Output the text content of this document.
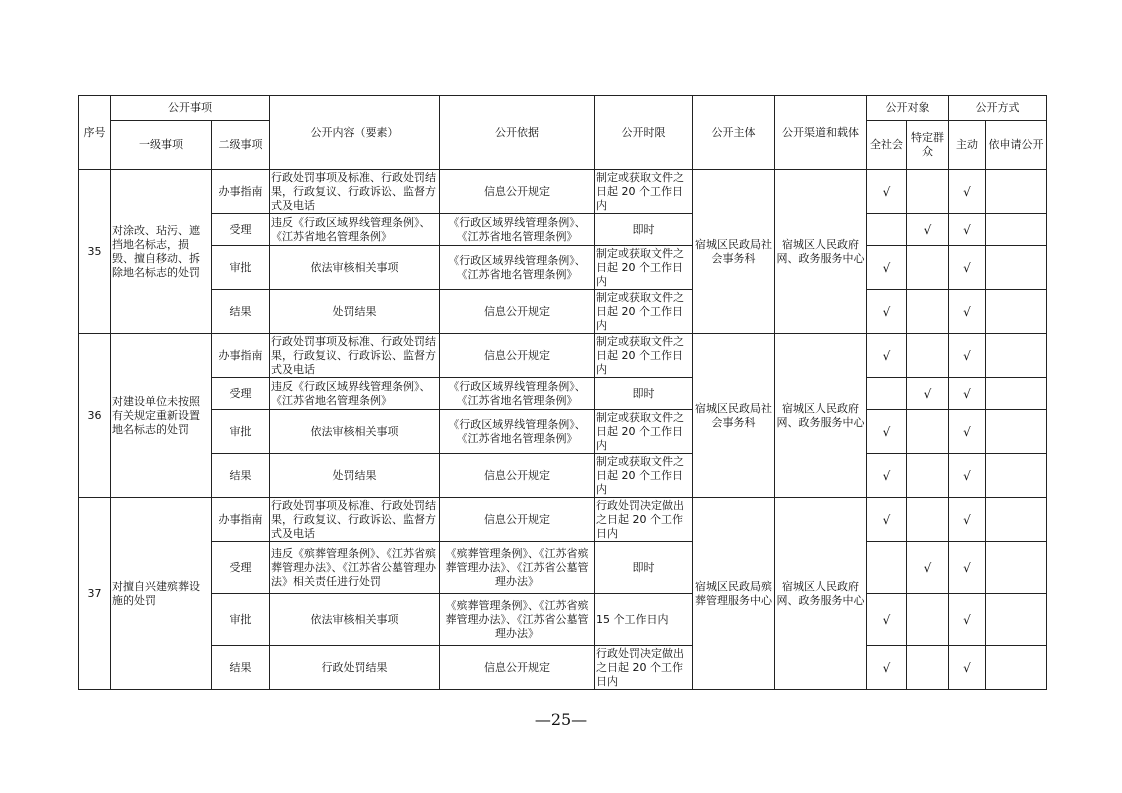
序号	公开事项		公开内容（要素）	公开依据	公开时限	公开主体	公开渠道和载体	公开对象		公开方式	
	一级事项	二级事项						全社会	特定群众	主动	依申请公开
35	对涂改、玷污、遮挡地名标志，损毁、擅自移动、拆除地名标志的处罚	办事指南	行政处罚事项及标准、行政处罚结果，行政复议、行政诉讼、监督方式及电话	信息公开规定	制定或获取文件之日起 20 个工作日内	宿城区民政局社会事务科	宿城区人民政府网、政务服务中心	√		√	
		受理	违反《行政区域界线管理条例》、《江苏省地名管理条例》	《行政区域界线管理条例》、《江苏省地名管理条例》	即时				√	√	
		审批	依法审核相关事项	《行政区域界线管理条例》、《江苏省地名管理条例》	制定或获取文件之日起 20 个工作日内			√		√	
		结果	处罚结果	信息公开规定	制定或获取文件之日起 20 个工作日内			√		√	
36	对建设单位未按照有关规定重新设置地名标志的处罚	办事指南	行政处罚事项及标准、行政处罚结果，行政复议、行政诉讼、监督方式及电话	信息公开规定	制定或获取文件之日起 20 个工作日内	宿城区民政局社会事务科	宿城区人民政府网、政务服务中心	√		√	
		受理	违反《行政区域界线管理条例》、《江苏省地名管理条例》	《行政区域界线管理条例》、《江苏省地名管理条例》	即时				√	√	
		审批	依法审核相关事项	《行政区域界线管理条例》、《江苏省地名管理条例》	制定或获取文件之日起 20 个工作日内			√		√	
		结果	处罚结果	信息公开规定	制定或获取文件之日起 20 个工作日内			√		√	
37	对擅自兴建殡葬设施的处罚	办事指南	行政处罚事项及标准、行政处罚结果，行政复议、行政诉讼、监督方式及电话	信息公开规定	行政处罚决定做出之日起 20 个工作日内	宿城区民政局殡葬管理服务中心	宿城区人民政府网、政务服务中心	√		√	
		受理	违反《殡葬管理条例》、《江苏省殡葬管理办法》、《江苏省公墓管理办法》相关责任进行处罚	《殡葬管理条例》、《江苏省殡葬管理办法》、《江苏省公墓管理办法》	即时				√	√	
		审批	依法审核相关事项	《殡葬管理条例》、《江苏省殡葬管理办法》、《江苏省公墓管理办法》	15 个工作日内			√		√	
		结果	行政处罚结果	信息公开规定	行政处罚决定做出之日起 20 个工作日内			√		√	
—25—
